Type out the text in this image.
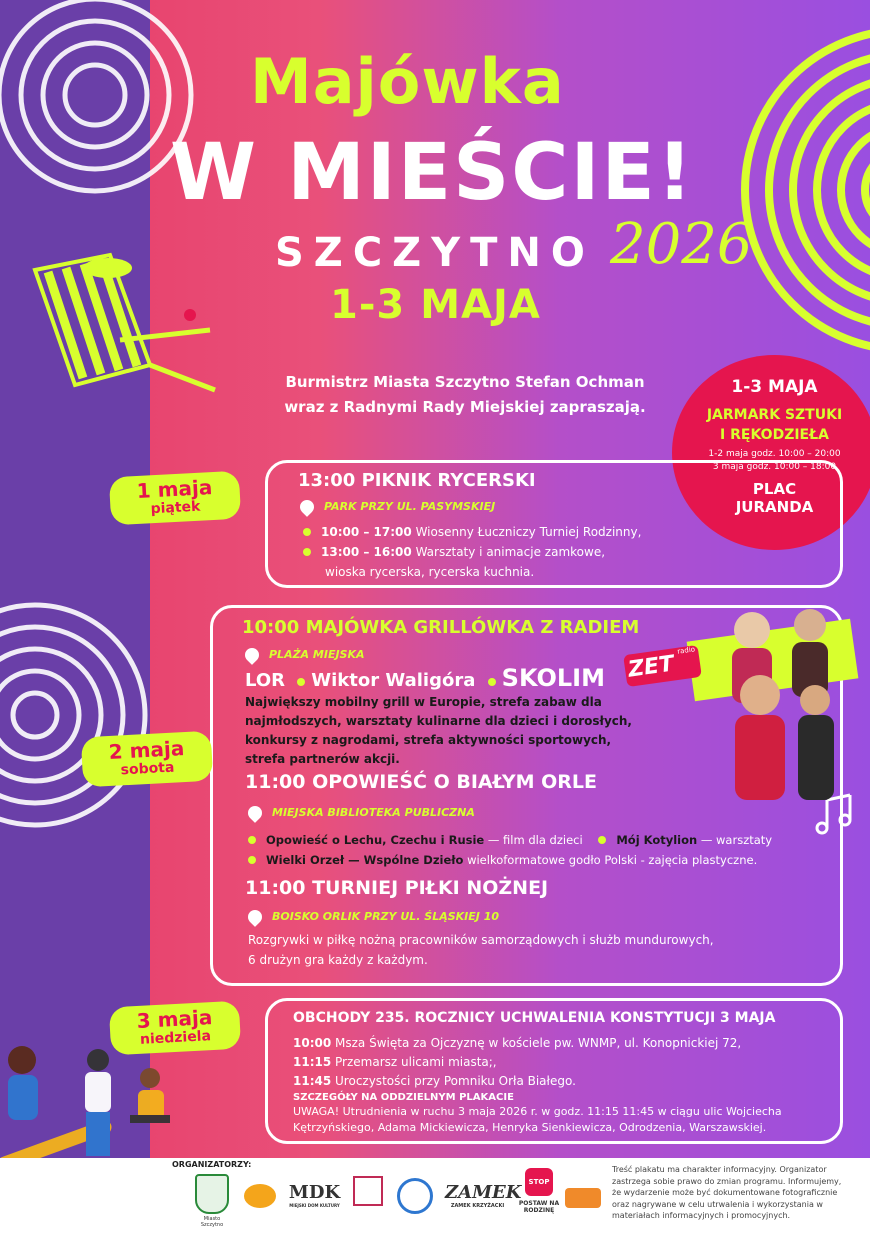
Majówka
W MIEŚCIE!
SZCZYTNO 2026
1-3 MAJA
Burmistrz Miasta Szczytno Stefan Ochman
wraz z Radnymi Rady Miejskiej zapraszają.
1-3 MAJA
JARMARK SZTUKI
I RĘKODZIEŁA
1-2 maja godz. 10:00 – 20:00
3 maja godz. 10:00 – 18:00
PLAC
JURANDA
1 maja
piątek
13:00 PIKNIK RYCERSKI
PARK PRZY UL. PASYMSKIEJ
10:00 – 17:00 Wiosenny Łuczniczy Turniej Rodzinny,
13:00 – 16:00 Warsztaty i animacje zamkowe,
wioska rycerska, rycerska kuchnia.
2 maja
sobota
ZET $^{radio}$
10:00 MAJÓWKA GRILLÓWKA Z RADIEM
PLAŻA MIEJSKA
LOR Wiktor Waligóra SKOLIM
Największy mobilny grill w Europie, strefa zabaw dla
najmłodszych, warsztaty kulinarne dla dzieci i dorosłych,
konkursy z nagrodami, strefa aktywności sportowych,
strefa partnerów akcji.
11:00 OPOWIEŚĆ O BIAŁYM ORLE
MIEJSKA BIBLIOTEKA PUBLICZNA
Opowieść o Lechu, Czechu i Rusie — film dla dzieci	Mój Kotylion — warsztaty
Wielki Orzeł — Wspólne Dzieło wielkoformatowe godło Polski - zajęcia plastyczne.
11:00 TURNIEJ PIŁKI NOŻNEJ
BOISKO ORLIK PRZY UL. ŚLĄSKIEJ 10
Rozgrywki w piłkę nożną pracowników samorządowych i służb mundurowych,
6 drużyn gra każdy z każdym.
3 maja
niedziela
OBCHODY 235. ROCZNICY UCHWALENIA KONSTYTUCJI 3 MAJA
10:00 Msza Święta za Ojczyznę w kościele pw. WNMP, ul. Konopnickiej 72,
11:15 Przemarsz ulicami miasta;,
11:45 Uroczystości przy Pomniku Orła Białego.
SZCZEGÓŁY NA ODDZIELNYM PLAKACIE
UWAGA! Utrudnienia w ruchu 3 maja 2026 r. w godz. 11:15 11:45 w ciągu ulic Wojciecha
Kętrzyńskiego, Adama Mickiewicza, Henryka Sienkiewicza, Odrodzenia, Warszawskiej.
ORGANIZATORZY:
Miasto Szczytno
MDK
MIEJSKI DOM KULTURY
ZAMEK
ZAMEK KRZYŻACKI
STOP
POSTAW NA RODZINĘ
Treść plakatu ma charakter informacyjny. Organizator
zastrzega sobie prawo do zmian programu. Informujemy,
że wydarzenie może być dokumentowane fotograficznie
oraz nagrywane w celu utrwalenia i wykorzystania w
materiałach informacyjnych i promocyjnych.
